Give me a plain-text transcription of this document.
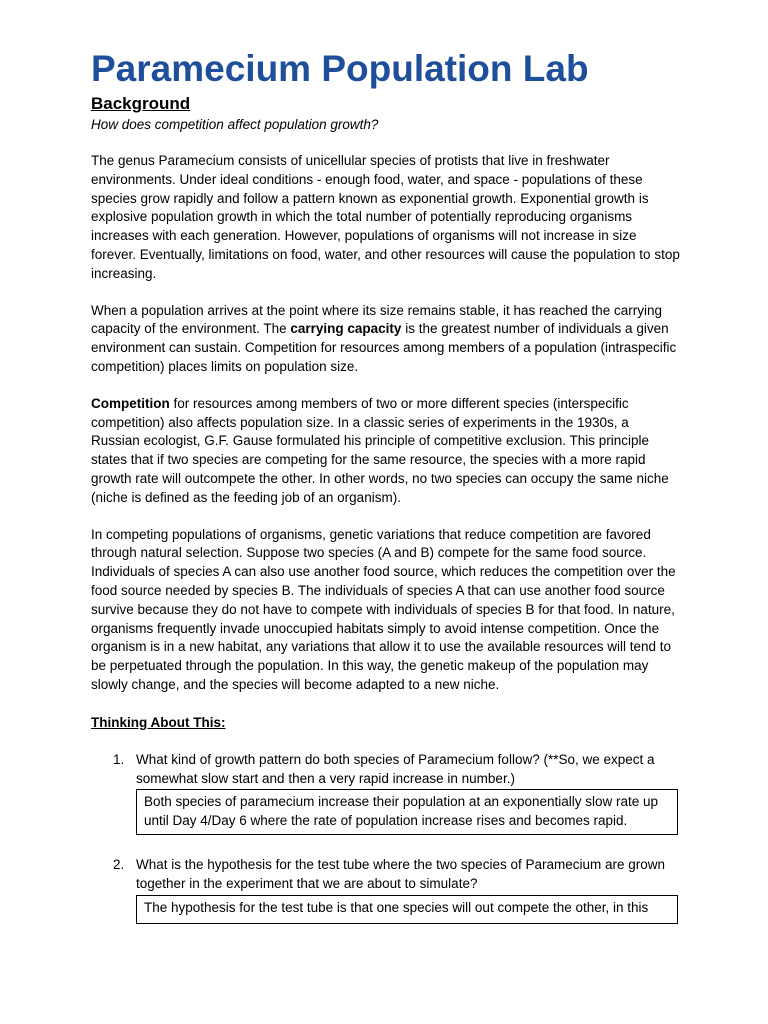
Paramecium Population Lab
Background
How does competition affect population growth?

The genus Paramecium consists of unicellular species of protists that live in freshwater environments. Under ideal conditions - enough food, water, and space - populations of these species grow rapidly and follow a pattern known as exponential growth. Exponential growth is explosive population growth in which the total number of potentially reproducing organisms increases with each generation. However, populations of organisms will not increase in size forever. Eventually, limitations on food, water, and other resources will cause the population to stop increasing.

When a population arrives at the point where its size remains stable, it has reached the carrying capacity of the environment. The carrying capacity is the greatest number of individuals a given environment can sustain. Competition for resources among members of a population (intraspecific competition) places limits on population size.

Competition for resources among members of two or more different species (interspecific competition) also affects population size. In a classic series of experiments in the 1930s, a Russian ecologist, G.F. Gause formulated his principle of competitive exclusion. This principle states that if two species are competing for the same resource, the species with a more rapid growth rate will outcompete the other. In other words, no two species can occupy the same niche (niche is defined as the feeding job of an organism).

In competing populations of organisms, genetic variations that reduce competition are favored through natural selection. Suppose two species (A and B) compete for the same food source. Individuals of species A can also use another food source, which reduces the competition over the food source needed by species B. The individuals of species A that can use another food source survive because they do not have to compete with individuals of species B for that food. In nature, organisms frequently invade unoccupied habitats simply to avoid intense competition. Once the organism is in a new habitat, any variations that allow it to use the available resources will tend to be perpetuated through the population. In this way, the genetic makeup of the population may slowly change, and the species will become adapted to a new niche.

Thinking About This:
1. What kind of growth pattern do both species of Paramecium follow? (**So, we expect a somewhat slow start and then a very rapid increase in number.)
Both species of paramecium increase their population at an exponentially slow rate up until Day 4/Day 6 where the rate of population increase rises and becomes rapid.
2. What is the hypothesis for the test tube where the two species of Paramecium are grown together in the experiment that we are about to simulate?
The hypothesis for the test tube is that one species will out compete the other, in this
